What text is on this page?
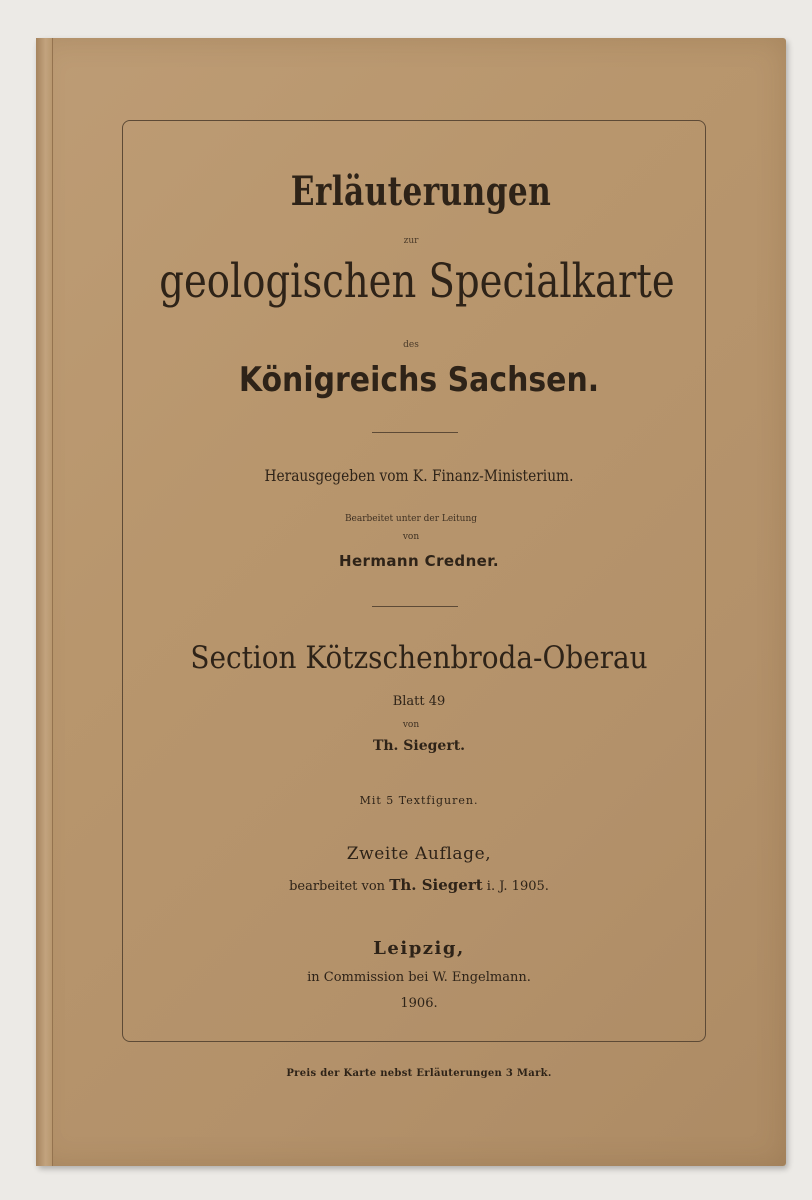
Erläuterungen
zur
geologischen Specialkarte
des
Königreichs Sachsen.
Herausgegeben vom K. Finanz-Ministerium.
Bearbeitet unter der Leitung
von
Hermann Credner.
Section Kötzschenbroda-Oberau
Blatt 49
von
Th. Siegert.
Mit 5 Textfiguren.
Zweite Auflage,
bearbeitet von Th. Siegert i. J. 1905.
Leipzig,
in Commission bei W. Engelmann.
1906.
Preis der Karte nebst Erläuterungen 3 Mark.
